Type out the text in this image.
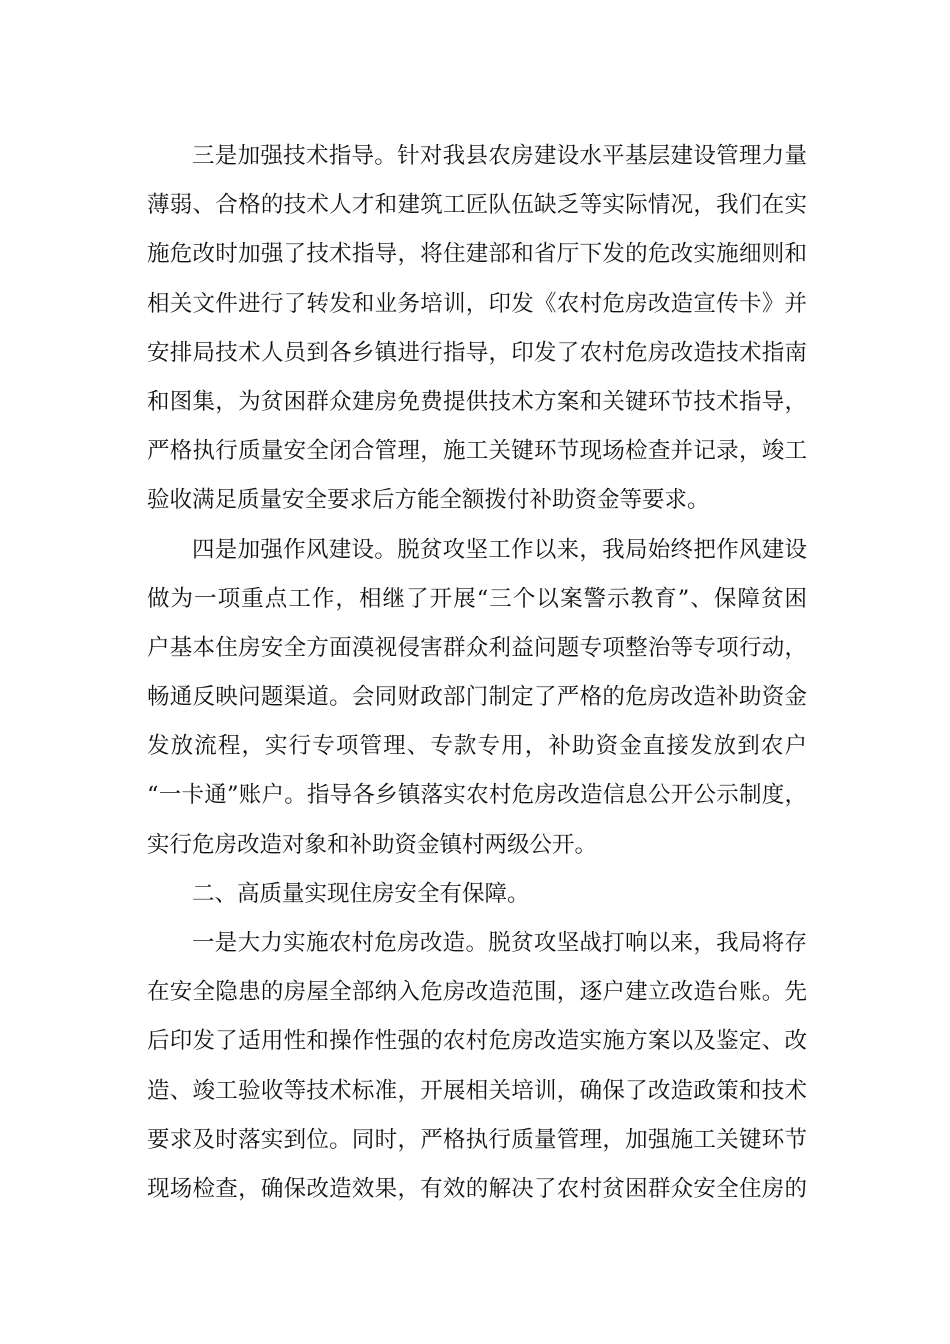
三是加强技术指导。针对我县农房建设水平基层建设管理力量
薄弱、合格的技术人才和建筑工匠队伍缺乏等实际情况，我们在实
施危改时加强了技术指导，将住建部和省厅下发的危改实施细则和
相关文件进行了转发和业务培训，印发《农村危房改造宣传卡》并
安排局技术人员到各乡镇进行指导，印发了农村危房改造技术指南
和图集，为贫困群众建房免费提供技术方案和关键环节技术指导，
严格执行质量安全闭合管理，施工关键环节现场检查并记录，竣工
验收满足质量安全要求后方能全额拨付补助资金等要求。
四是加强作风建设。脱贫攻坚工作以来，我局始终把作风建设
做为一项重点工作，相继了开展“三个以案警示教育”、保障贫困
户基本住房安全方面漠视侵害群众利益问题专项整治等专项行动，
畅通反映问题渠道。会同财政部门制定了严格的危房改造补助资金
发放流程，实行专项管理、专款专用，补助资金直接发放到农户
“一卡通”账户。指导各乡镇落实农村危房改造信息公开公示制度，
实行危房改造对象和补助资金镇村两级公开。
二、高质量实现住房安全有保障。
一是大力实施农村危房改造。脱贫攻坚战打响以来，我局将存
在安全隐患的房屋全部纳入危房改造范围，逐户建立改造台账。先
后印发了适用性和操作性强的农村危房改造实施方案以及鉴定、改
造、竣工验收等技术标准，开展相关培训，确保了改造政策和技术
要求及时落实到位。同时，严格执行质量管理，加强施工关键环节
现场检查，确保改造效果，有效的解决了农村贫困群众安全住房的
